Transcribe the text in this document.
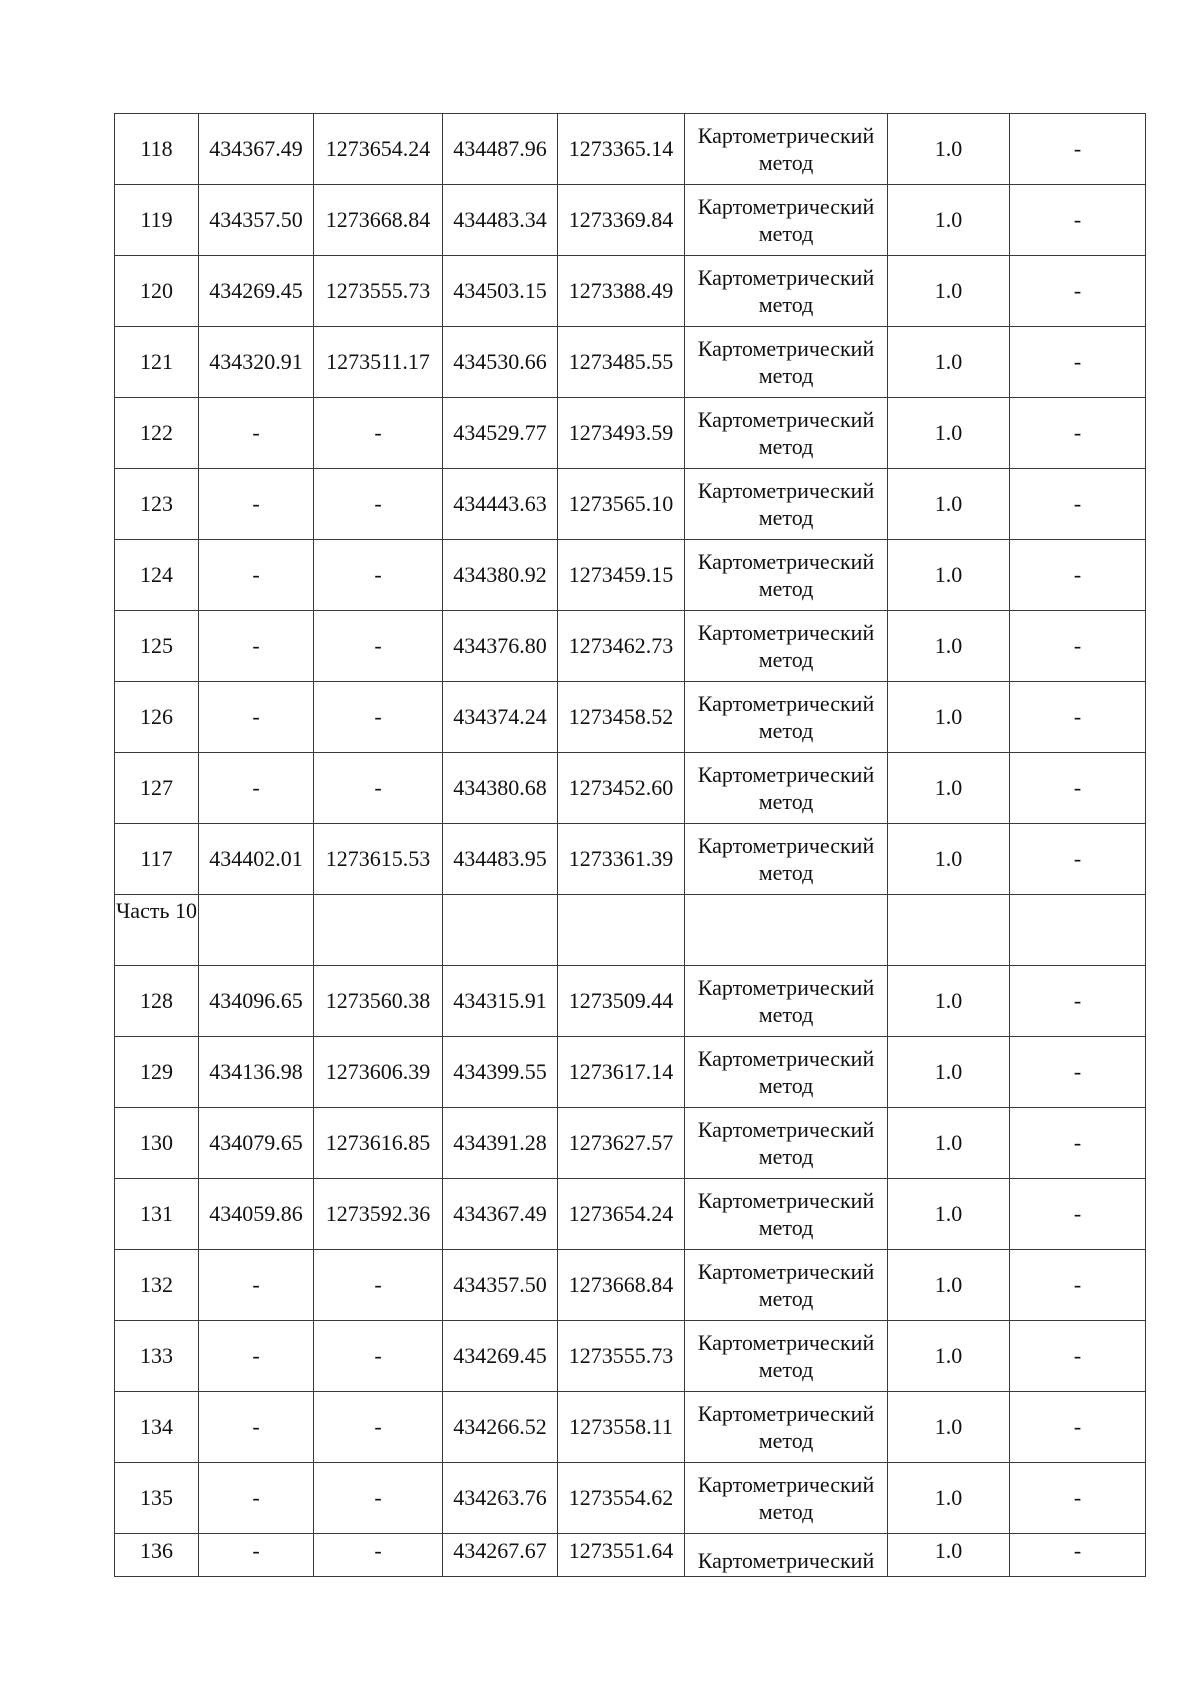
118	434367.49	1273654.24	434487.96	1273365.14	Картометрический метод	1.0	-
119	434357.50	1273668.84	434483.34	1273369.84	Картометрический метод	1.0	-
120	434269.45	1273555.73	434503.15	1273388.49	Картометрический метод	1.0	-
121	434320.91	1273511.17	434530.66	1273485.55	Картометрический метод	1.0	-
122	-	-	434529.77	1273493.59	Картометрический метод	1.0	-
123	-	-	434443.63	1273565.10	Картометрический метод	1.0	-
124	-	-	434380.92	1273459.15	Картометрический метод	1.0	-
125	-	-	434376.80	1273462.73	Картометрический метод	1.0	-
126	-	-	434374.24	1273458.52	Картометрический метод	1.0	-
127	-	-	434380.68	1273452.60	Картометрический метод	1.0	-
117	434402.01	1273615.53	434483.95	1273361.39	Картометрический метод	1.0	-
Часть 10					

128	434096.65	1273560.38	434315.91	1273509.44	Картометрический метод	1.0	-
129	434136.98	1273606.39	434399.55	1273617.14	Картометрический метод	1.0	-
130	434079.65	1273616.85	434391.28	1273627.57	Картометрический метод	1.0	-
131	434059.86	1273592.36	434367.49	1273654.24	Картометрический метод	1.0	-
132	-	-	434357.50	1273668.84	Картометрический метод	1.0	-
133	-	-	434269.45	1273555.73	Картометрический метод	1.0	-
134	-	-	434266.52	1273558.11	Картометрический метод	1.0	-
135	-	-	434263.76	1273554.62	Картометрический метод	1.0	-
136	-	-	434267.67	1273551.64	Картометрический	1.0	-
